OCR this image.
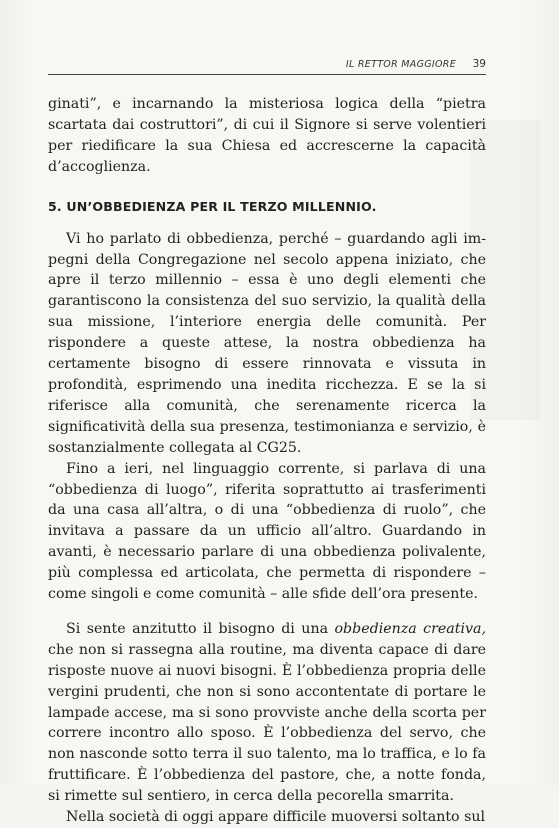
IL RETTOR MAGGIORE 39

ginati”, e incarnando la misteriosa logica della “pietra scartata dai costruttori”, di cui il Signore si serve volentieri per riedificare la sua Chiesa ed accrescerne la capacità d’accoglienza.

5. UN’OBBEDIENZA PER IL TERZO MILLENNIO.

Vi ho parlato di obbedienza, perché – guardando agli impegni della Congregazione nel secolo appena iniziato, che apre il terzo millennio – essa è uno degli elementi che garantiscono la consistenza del suo servizio, la qualità della sua missione, l’interiore energia delle comunità. Per rispondere a queste attese, la nostra obbedienza ha certamente bisogno di essere rinnovata e vissuta in profondità, esprimendo una inedita ricchezza. E se la si riferisce alla comunità, che serenamente ricerca la significatività della sua presenza, testimonianza e servizio, è sostanzialmente collegata al CG25.

Fino a ieri, nel linguaggio corrente, si parlava di una “obbedienza di luogo”, riferita soprattutto ai trasferimenti da una casa all’altra, o di una “obbedienza di ruolo”, che invitava a passare da un ufficio all’altro. Guardando in avanti, è necessario parlare di una obbedienza polivalente, più complessa ed articolata, che permetta di rispondere – come singoli e come comunità – alle sfide dell’ora presente.

Si sente anzitutto il bisogno di una obbedienza creativa, che non si rassegna alla routine, ma diventa capace di dare risposte nuove ai nuovi bisogni. È l’obbedienza propria delle vergini prudenti, che non si sono accontentate di portare le lampade accese, ma si sono provviste anche della scorta per correre incontro allo sposo. È l’obbedienza del servo, che non nasconde sotto terra il suo talento, ma lo traffica, e lo fa fruttificare. È l’obbedienza del pastore, che, a notte fonda, si rimette sul sentiero, in cerca della pecorella smarrita.

Nella società di oggi appare difficile muoversi soltanto sul
